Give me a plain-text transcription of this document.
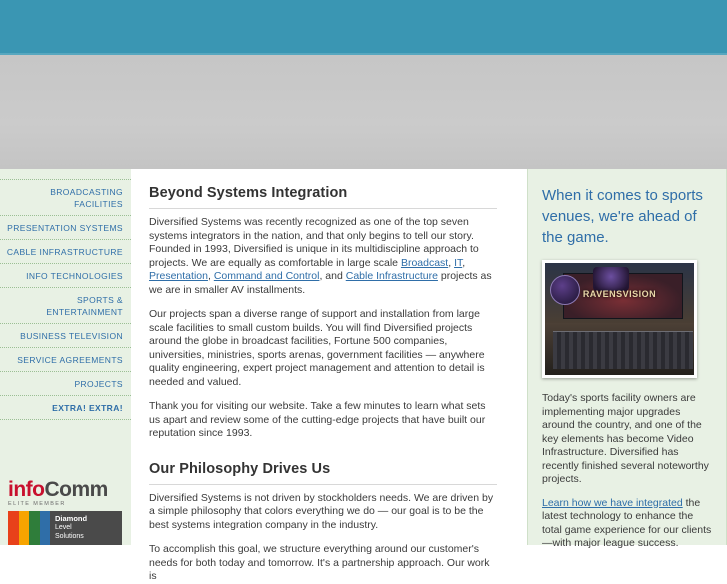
BROADCASTING FACILITIES
PRESENTATION SYSTEMS
CABLE INFRASTRUCTURE
INFO TECHNOLOGIES
SPORTS & ENTERTAINMENT
BUSINESS TELEVISION
SERVICE AGREEMENTS
PROJECTS
EXTRA! EXTRA!
infoComm
ELITE MEMBER
Diamond
Level
Solutions
Beyond Systems Integration

Diversified Systems was recently recognized as one of the top seven systems integrators in the nation, and that only begins to tell our story. Founded in 1993, Diversified is unique in its multidiscipline approach to projects. We are equally as comfortable in large scale Broadcast, IT, Presentation, Command and Control, and Cable Infrastructure projects as we are in smaller AV installments.

Our projects span a diverse range of support and installation from large scale facilities to small custom builds. You will find Diversified projects around the globe in broadcast facilities, Fortune 500 companies, universities, ministries, sports arenas, government facilities — anywhere quality engineering, expert project management and attention to detail is needed and valued.

Thank you for visiting our website. Take a few minutes to learn what sets us apart and review some of the cutting-edge projects that have built our reputation since 1993.

Our Philosophy Drives Us

Diversified Systems is not driven by stockholders needs. We are driven by a simple philosophy that colors everything we do — our goal is to be the best systems integration company in the industry.

To accomplish this goal, we structure everything around our customer's needs for both today and tomorrow. It's a partnership approach. Our work is

When it comes to sports venues, we're ahead of the game.
RAVENSVISION

Today's sports facility owners are implementing major upgrades around the country, and one of the key elements has become Video Infrastructure. Diversified has recently finished several noteworthy projects.

Learn how we have integrated the latest technology to enhance the total game experience for our clients—with major league success.
